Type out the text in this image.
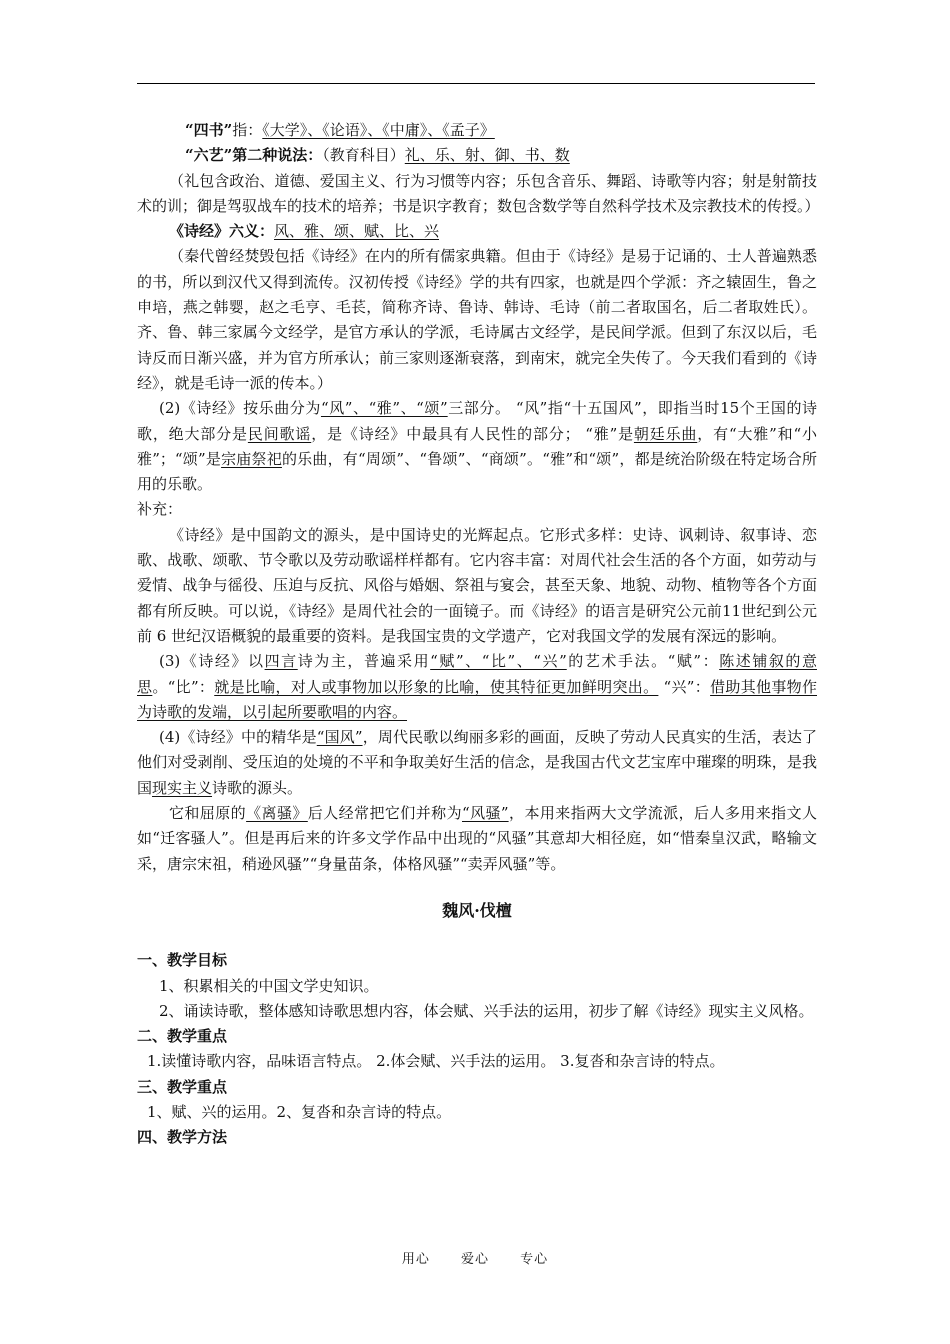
“四书”指：《大学》、《论语》、《中庸》、《孟子》

“六艺”第二种说法：（教育科目）礼、乐、射、御、书、数

（礼包含政治、道德、爱国主义、行为习惯等内容；乐包含音乐、舞蹈、诗歌等内容；射是射箭技术的训；御是驾驭战车的技术的培养；书是识字教育；数包含数学等自然科学技术及宗教技术的传授。）

《诗经》六义：风、雅、颂、赋、比、兴

（秦代曾经焚毁包括《诗经》在内的所有儒家典籍。但由于《诗经》是易于记诵的、士人普遍熟悉的书，所以到汉代又得到流传。汉初传授《诗经》学的共有四家，也就是四个学派：齐之辕固生，鲁之申培，燕之韩婴，赵之毛亨、毛苌，简称齐诗、鲁诗、韩诗、毛诗（前二者取国名，后二者取姓氏）。齐、鲁、韩三家属今文经学，是官方承认的学派，毛诗属古文经学，是民间学派。但到了东汉以后，毛诗反而日渐兴盛，并为官方所承认；前三家则逐渐衰落，到南宋，就完全失传了。今天我们看到的《诗经》，就是毛诗一派的传本。）

(2)《诗经》按乐曲分为“风”、“雅”、“颂”三部分。 “风”指“十五国风”，即指当时15个王国的诗歌，绝大部分是民间歌谣，是《诗经》中最具有人民性的部分； “雅”是朝廷乐曲，有“大雅”和“小雅”；“颂”是宗庙祭祀的乐曲，有“周颂”、“鲁颂”、“商颂”。“雅”和“颂”，都是统治阶级在特定场合所用的乐歌。

补充：

《诗经》是中国韵文的源头，是中国诗史的光辉起点。它形式多样：史诗、讽刺诗、叙事诗、恋歌、战歌、颂歌、节令歌以及劳动歌谣样样都有。它内容丰富：对周代社会生活的各个方面，如劳动与爱情、战争与徭役、压迫与反抗、风俗与婚姻、祭祖与宴会，甚至天象、地貌、动物、植物等各个方面都有所反映。可以说，《诗经》是周代社会的一面镜子。而《诗经》的语言是研究公元前11世纪到公元前 6 世纪汉语概貌的最重要的资料。是我国宝贵的文学遗产，它对我国文学的发展有深远的影响。

(3)《诗经》以四言诗为主，普遍采用“赋”、“比”、“兴”的艺术手法。“赋”：陈述铺叙的意思。“比”：就是比喻，对人或事物加以形象的比喻，使其特征更加鲜明突出。 “兴”：借助其他事物作为诗歌的发端，以引起所要歌唱的内容。

(4)《诗经》中的精华是“国风”，周代民歌以绚丽多彩的画面，反映了劳动人民真实的生活，表达了他们对受剥削、受压迫的处境的不平和争取美好生活的信念，是我国古代文艺宝库中璀璨的明珠，是我国现实主义诗歌的源头。

它和屈原的《离骚》后人经常把它们并称为“风骚”，本用来指两大文学流派，后人多用来指文人如“迁客骚人”。但是再后来的许多文学作品中出现的“风骚”其意却大相径庭，如“惜秦皇汉武，略输文采，唐宗宋祖，稍逊风骚”“身量苗条，体格风骚”“卖弄风骚”等。

魏风·伐檀

一、教学目标

1、积累相关的中国文学史知识。

2、诵读诗歌，整体感知诗歌思想内容，体会赋、兴手法的运用，初步了解《诗经》现实主义风格。

二、教学重点

1.读懂诗歌内容，品味语言特点。 2.体会赋、兴手法的运用。 3.复沓和杂言诗的特点。

三、教学重点

1、赋、兴的运用。2、复沓和杂言诗的特点。

四、教学方法

用心 爱心 专心
